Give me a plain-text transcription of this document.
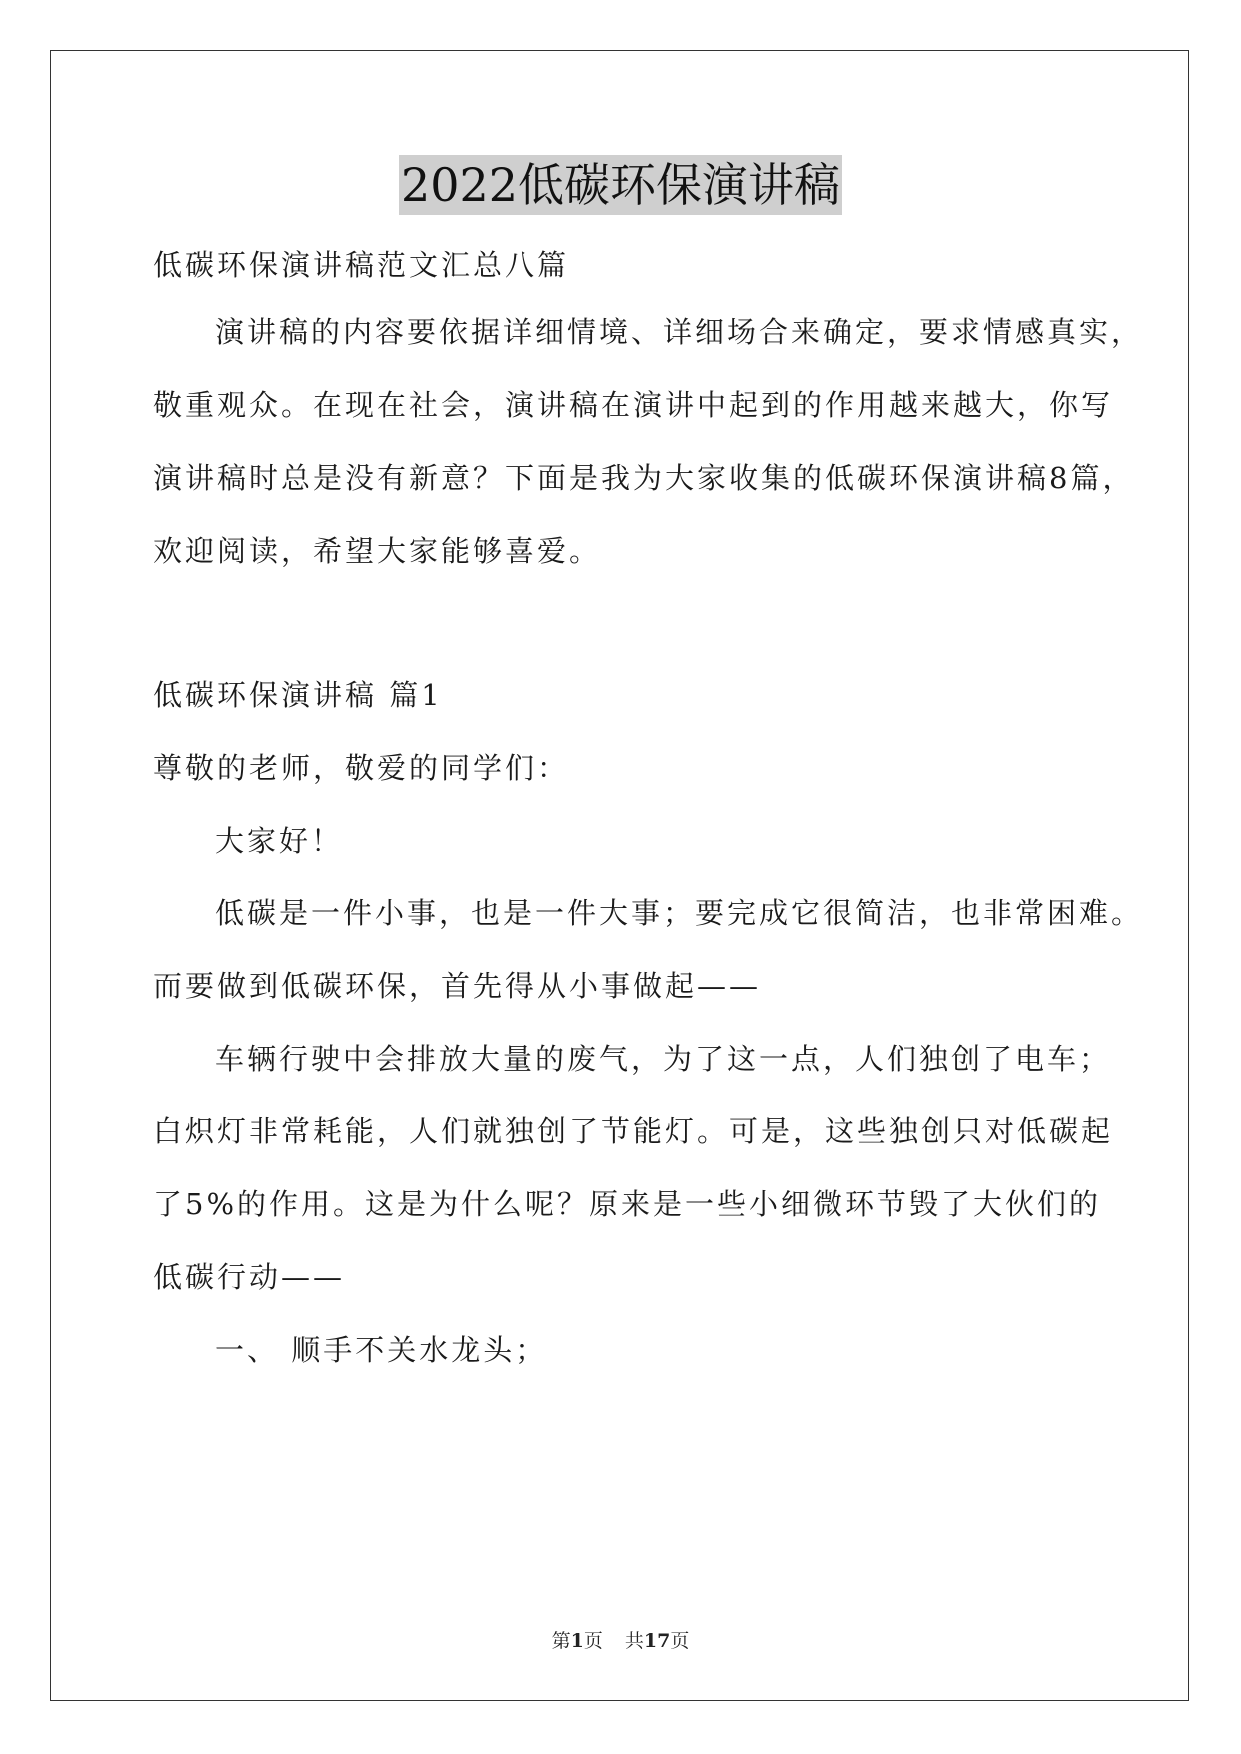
2022低碳环保演讲稿
低碳环保演讲稿范文汇总八篇
演讲稿的内容要依据详细情境、详细场合来确定，要求情感真实，
敬重观众。在现在社会，演讲稿在演讲中起到的作用越来越大，你写
演讲稿时总是没有新意？下面是我为大家收集的低碳环保演讲稿8篇，
欢迎阅读，希望大家能够喜爱。
低碳环保演讲稿 篇1
尊敬的老师，敬爱的同学们：
大家好！
低碳是一件小事，也是一件大事；要完成它很简洁，也非常困难。
而要做到低碳环保，首先得从小事做起——
车辆行驶中会排放大量的废气，为了这一点，人们独创了电车；
白炽灯非常耗能，人们就独创了节能灯。可是，这些独创只对低碳起
了5%的作用。这是为什么呢？原来是一些小细微环节毁了大伙们的
低碳行动——
一、 顺手不关水龙头；
第1页 共17页
